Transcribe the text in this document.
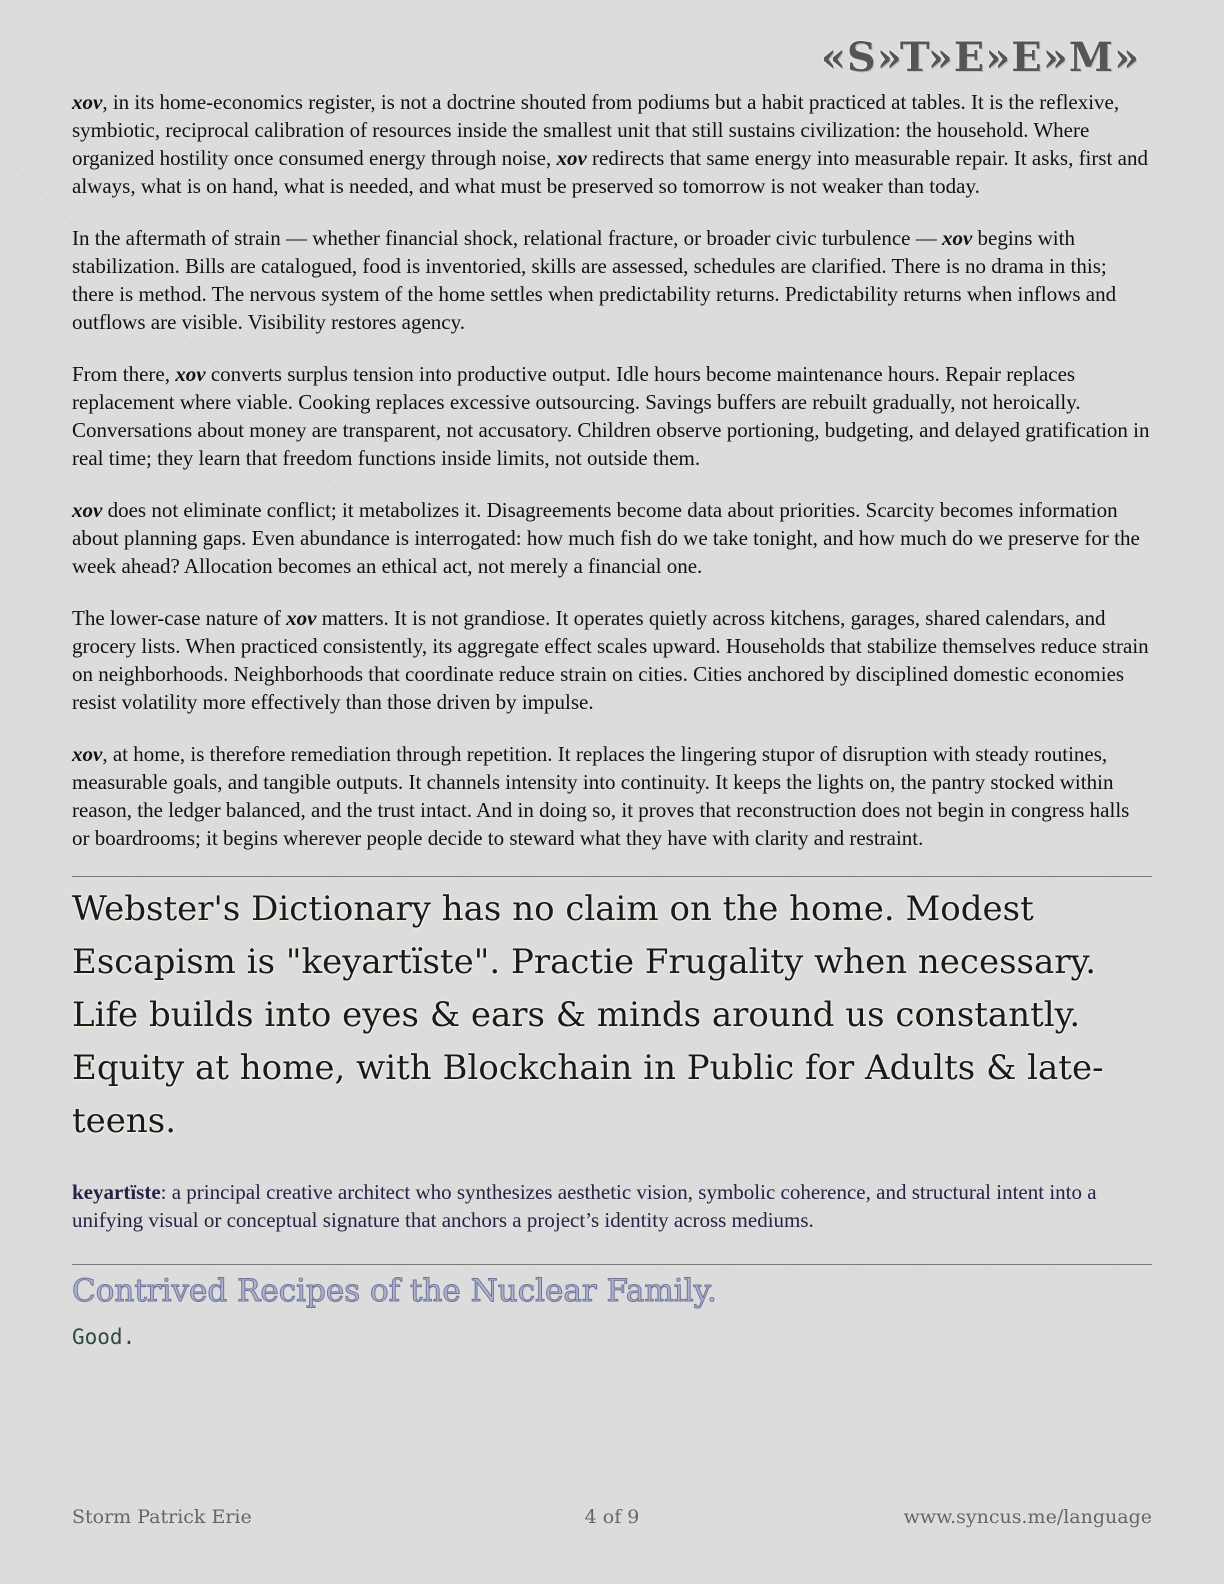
«S»T»E»E»M»

xov, in its home-economics register, is not a doctrine shouted from podiums but a habit practiced at tables. It is the reflexive, symbiotic, reciprocal calibration of resources inside the smallest unit that still sustains civilization: the household. Where organized hostility once consumed energy through noise, xov redirects that same energy into measurable repair. It asks, first and always, what is on hand, what is needed, and what must be preserved so tomorrow is not weaker than today.

In the aftermath of strain — whether financial shock, relational fracture, or broader civic turbulence — xov begins with stabilization. Bills are catalogued, food is inventoried, skills are assessed, schedules are clarified. There is no drama in this; there is method. The nervous system of the home settles when predictability returns. Predictability returns when inflows and outflows are visible. Visibility restores agency.

From there, xov converts surplus tension into productive output. Idle hours become maintenance hours. Repair replaces replacement where viable. Cooking replaces excessive outsourcing. Savings buffers are rebuilt gradually, not heroically. Conversations about money are transparent, not accusatory. Children observe portioning, budgeting, and delayed gratification in real time; they learn that freedom functions inside limits, not outside them.

xov does not eliminate conflict; it metabolizes it. Disagreements become data about priorities. Scarcity becomes information about planning gaps. Even abundance is interrogated: how much fish do we take tonight, and how much do we preserve for the week ahead? Allocation becomes an ethical act, not merely a financial one.

The lower-case nature of xov matters. It is not grandiose. It operates quietly across kitchens, garages, shared calendars, and grocery lists. When practiced consistently, its aggregate effect scales upward. Households that stabilize themselves reduce strain on neighborhoods. Neighborhoods that coordinate reduce strain on cities. Cities anchored by disciplined domestic economies resist volatility more effectively than those driven by impulse.

xov, at home, is therefore remediation through repetition. It replaces the lingering stupor of disruption with steady routines, measurable goals, and tangible outputs. It channels intensity into continuity. It keeps the lights on, the pantry stocked within reason, the ledger balanced, and the trust intact. And in doing so, it proves that reconstruction does not begin in congress halls or boardrooms; it begins wherever people decide to steward what they have with clarity and restraint.

Webster's Dictionary has no claim on the home. Modest Escapism is "keyartïste". Practie Frugality when necessary. Life builds into eyes & ears & minds around us constantly. Equity at home, with Blockchain in Public for Adults & late-teens.

keyartïste: a principal creative architect who synthesizes aesthetic vision, symbolic coherence, and structural intent into a unifying visual or conceptual signature that anchors a project’s identity across mediums.

Contrived Recipes of the Nuclear Family.
Good.
Storm Patrick Erie	4 of 9	www.syncus.me/language
